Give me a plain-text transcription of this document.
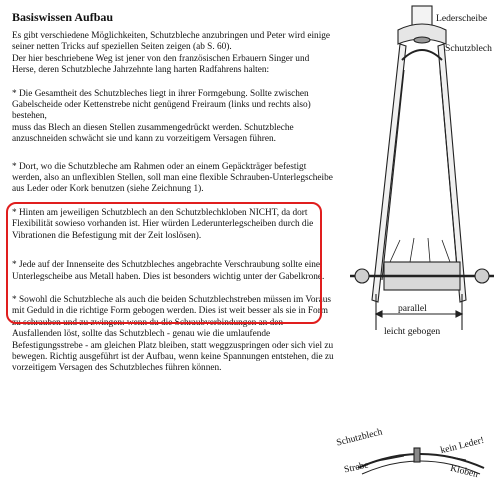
Basiswissen Aufbau

Es gibt verschiedene Möglichkeiten, Schutzbleche anzubringen und Peter wird einige seiner netten Tricks auf speziellen Seiten zeigen (ab S. 60).
Der hier beschriebene Weg ist jener von den französischen Erbauern Singer und Herse, deren Schutzbleche Jahrzehnte lang harten Radfahrens halten:

* Die Gesamtheit des Schutzbleches liegt in ihrer Formgebung. Sollte zwischen Gabelscheide oder Kettenstrebe nicht genügend Freiraum (links und rechts also) bestehen,
muss das Blech an diesen Stellen zusammengedrückt werden. Schutzbleche anzuschneiden schwächt sie und kann zu vorzeitigem Versagen führen.

* Dort, wo die Schutzbleche am Rahmen oder an einem Gepäckträger befestigt werden, also an unflexiblen Stellen, soll man eine flexible Schrauben-Unterlegscheibe aus Leder oder Kork benutzen (siehe Zeichnung 1).

* Hinten am jeweiligen Schutzblech an den Schutzblechkloben NICHT, da dort Flexibilität sowieso vorhanden ist. Hier würden Lederunterlegscheiben durch die Vibrationen die Befestigung mit der Zeit loslösen).

* Jede auf der Innenseite des Schutzbleches angebrachte Verschraubung sollte eine Unterlegscheibe aus Metall haben. Dies ist besonders wichtig unter der Gabelkrone.

* Sowohl die Schutzbleche als auch die beiden Schutzblechstreben müssen im Voraus mit Geduld in die richtige Form gebogen werden. Dies ist weit besser als sie in Form zu schrauben und zu zwingen: wenn du die Schraubverbindungen an den Ausfallenden löst, sollte das Schutzblech - genau wie die umlaufende Befestigungsstrebe - am gleichen Platz bleiben, statt weggzuspringen oder sich viel zu bewegen. Richtig ausgeführt ist der Aufbau, wenn keine Spannungen entstehen, die zu vorzeitigem Versagen des Schutzbleches führen können.

Lederscheibe
Schutzblech
parallel
leicht gebogen
Schutzblech
Strebe
kein Leder!
Kloben
